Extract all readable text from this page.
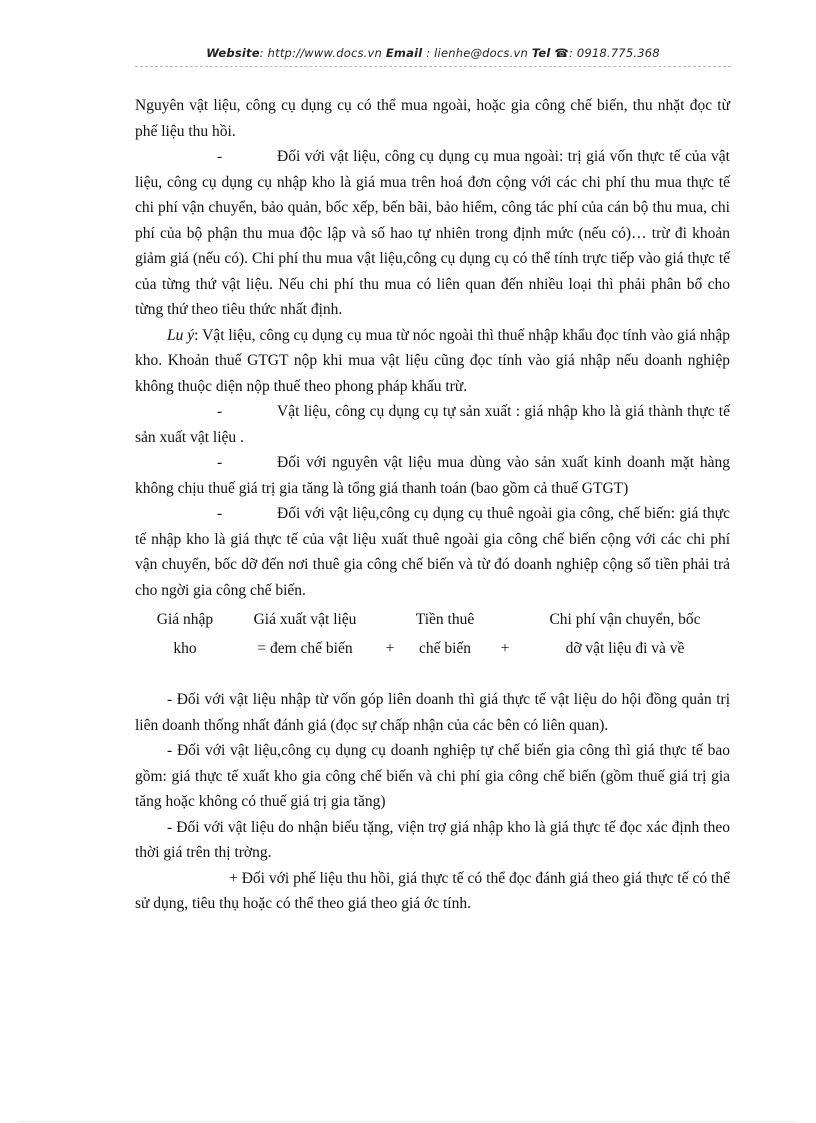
Website: http://www.docs.vn Email : lienhe@docs.vn Tel ☎: 0918.775.368

Nguyên vật liệu, công cụ dụng cụ có thể mua ngoài, hoặc gia công chế biến, thu nhặt đọc từ phế liệu thu hồi.

-	Đối với vật liệu, công cụ dụng cụ mua ngoài: trị giá vốn thực tế của vật liệu, công cụ dụng cụ nhập kho là giá mua trên hoá đơn cộng với các chi phí thu mua thực tế chi phí vận chuyển, bảo quản, bốc xếp, bến bãi, bảo hiểm, công tác phí của cán bộ thu mua, chi phí của bộ phận thu mua độc lập và số hao tự nhiên trong định mức (nếu có)… trừ đi khoản giảm giá (nếu có). Chi phí thu mua vật liệu,công cụ dụng cụ có thể tính trực tiếp vào giá thực tế của từng thứ vật liệu. Nếu chi phí thu mua có liên quan đến nhiều loại thì phải phân bổ cho từng thứ theo tiêu thức nhất định.

Lu ý: Vật liệu, công cụ dụng cụ mua từ nóc ngoài thì thuế nhập khẩu đọc tính vào giá nhập kho. Khoản thuế GTGT nộp khi mua vật liệu cũng đọc tính vào giá nhập nếu doanh nghiệp không thuộc diện nộp thuế theo phong pháp khấu trừ.

-	Vật liệu, công cụ dụng cụ tự sản xuất : giá nhập kho là giá thành thực tế sản xuất vật liệu .

-	Đối với nguyên vật liệu mua dùng vào sản xuất kinh doanh mặt hàng không chịu thuế giá trị gia tăng là tổng giá thanh toán (bao gồm cả thuế GTGT)

-	Đối với vật liệu,công cụ dụng cụ thuê ngoài gia công, chế biến: giá thực tế nhập kho là giá thực tế của vật liệu xuất thuê ngoài gia công chế biến cộng với các chi phí vận chuyển, bốc dỡ đến nơi thuê gia công chế biến và từ đó doanh nghiệp cộng số tiền phải trả cho ngời gia công chế biến.

Giá nhập	Giá xuất vật liệu	Tiền thuê	Chi phí vận chuyển, bốc
kho	= đem chế biến	+	chế biến	+	dỡ vật liệu đi và về

- Đối với vật liệu nhập từ vốn góp liên doanh thì giá thực tế vật liệu do hội đồng quản trị liên doanh thống nhất đánh giá (đọc sự chấp nhận của các bên có liên quan).

- Đối với vật liệu,công cụ dụng cụ doanh nghiệp tự chế biến gia công thì giá thực tế bao gồm: giá thực tế xuất kho gia công chế biến và chi phí gia công chế biến (gồm thuế giá trị gia tăng hoặc không có thuế giá trị gia tăng)

- Đối với vật liệu do nhận biếu tặng, viện trợ giá nhập kho là giá thực tế đọc xác định theo thời giá trên thị trờng.

+ Đối với phế liệu thu hồi, giá thực tế có thể đọc đánh giá theo giá thực tế có thể sử dụng, tiêu thụ hoặc có thể theo giá theo giá ớc tính.
